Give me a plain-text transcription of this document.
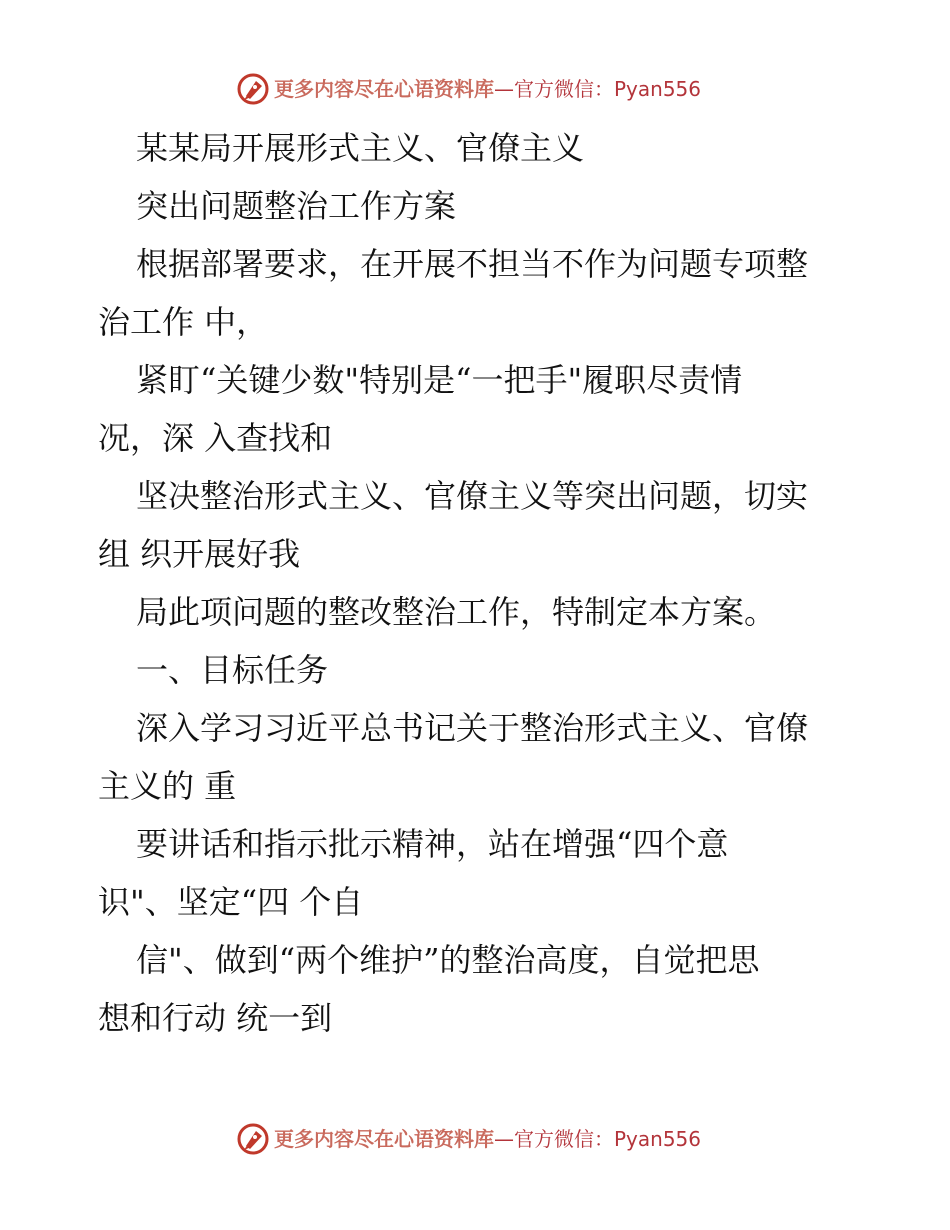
更多内容尽在心语资料库—官方微信：Pyan556
某某局开展形式主义、官僚主义
突出问题整治工作方案
根据部署要求，在开展不担当不作为问题专项整
治工作 中，
紧盯“关键少数"特别是“一把手"履职尽责情
况，深 入查找和
坚决整治形式主义、官僚主义等突出问题，切实
组 织开展好我
局此项问题的整改整治工作，特制定本方案。
一、目标任务
深入学习习近平总书记关于整治形式主义、官僚
主义的 重
要讲话和指示批示精神，站在增强“四个意
识"、坚定“四 个自
信"、做到“两个维护”的整治高度，自觉把思
想和行动 统一到
更多内容尽在心语资料库—官方微信：Pyan556
